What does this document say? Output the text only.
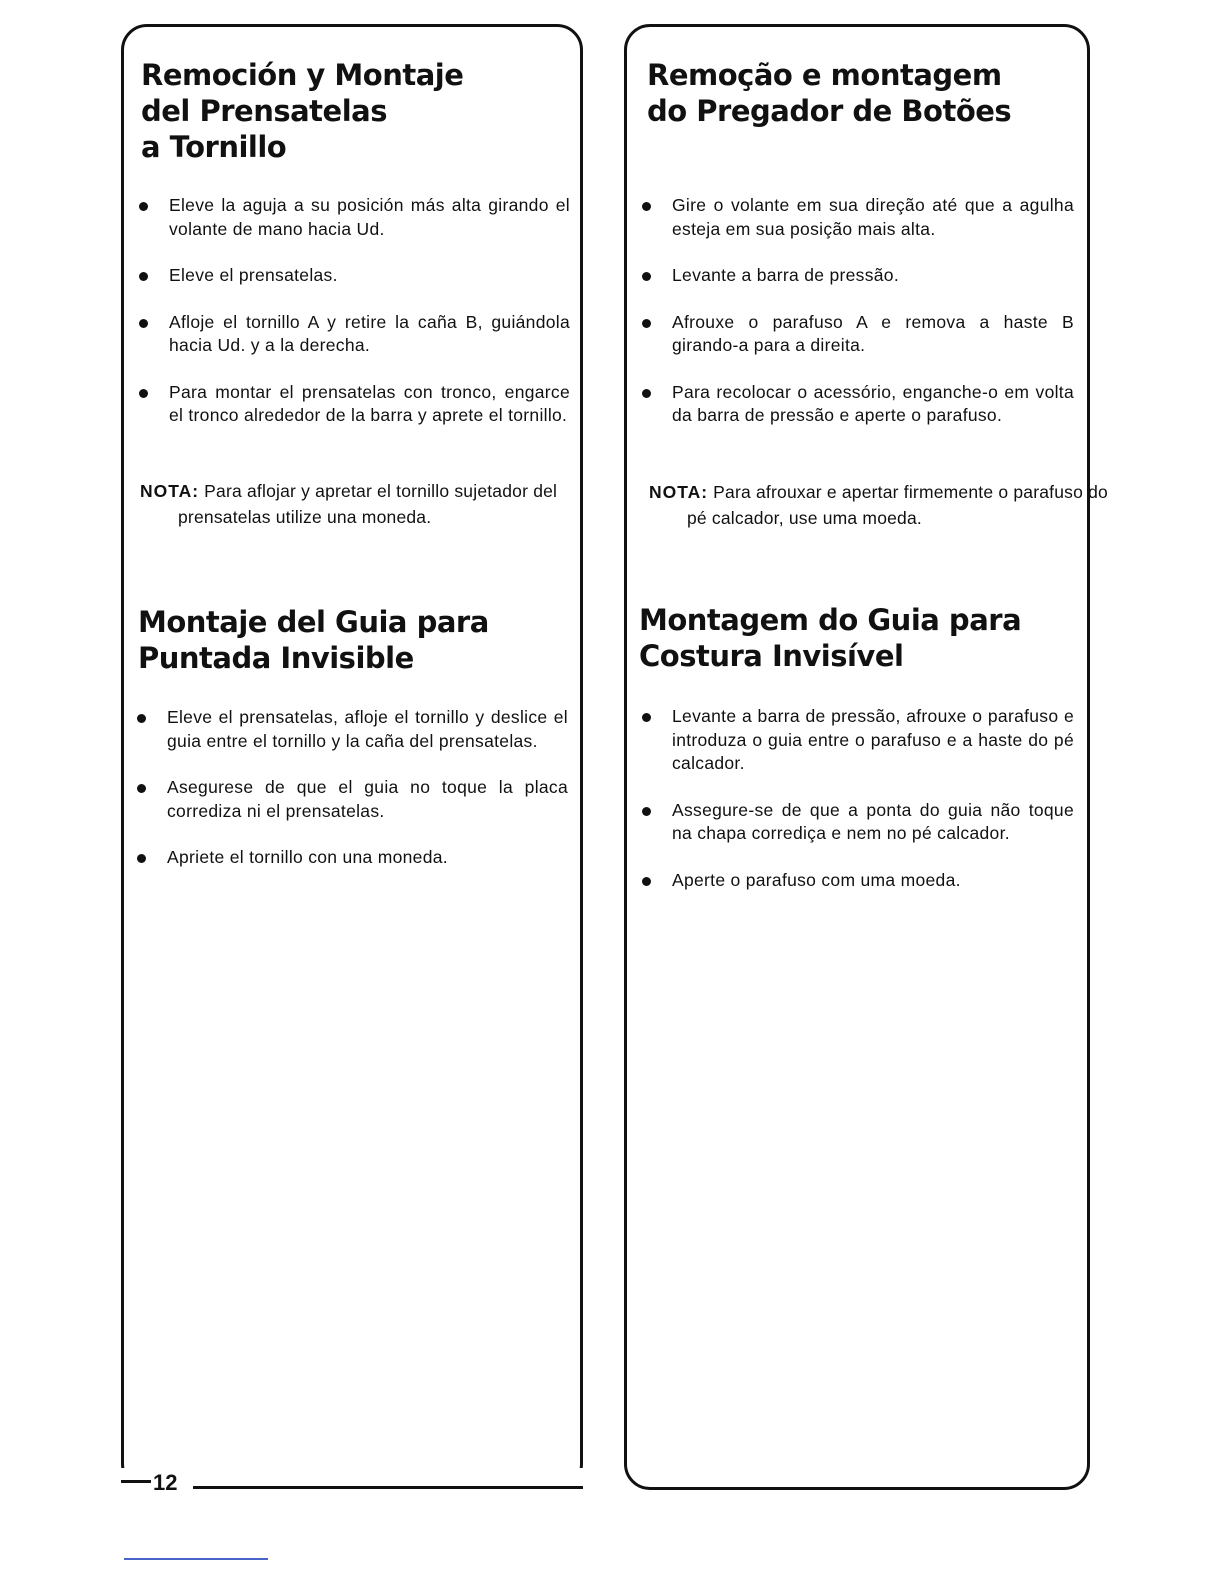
Remoción y Montaje
del Prensatelas
a Tornillo
Eleve la aguja a su posición más alta girando el volante de mano hacia Ud.
Eleve el prensatelas.
Afloje el tornillo A y retire la caña B, guiándola hacia Ud. y a la derecha.
Para montar el prensatelas con tronco, engarce el tronco alrededor de la barra y aprete el tornillo.

NOTA: Para aflojar y apretar el tornillo sujetador del prensatelas utilize una moneda.

Montaje del Guia para
Puntada Invisible
Eleve el prensatelas, afloje el tornillo y deslice el guia entre el tornillo y la caña del prensatelas.
Asegurese de que el guia no toque la placa corrediza ni el prensatelas.
Apriete el tornillo con una moneda.
Remoção e montagem
do Pregador de Botões
Gire o volante em sua direção até que a agulha esteja em sua posição mais alta.
Levante a barra de pressão.
Afrouxe o parafuso A e remova a haste B girando-a para a direita.
Para recolocar o acessório, enganche-o em volta da barra de pressão e aperte o parafuso.

NOTA: Para afrouxar e apertar firmemente o parafuso do pé calcador, use uma moeda.

Montagem do Guia para
Costura Invisível
Levante a barra de pressão, afrouxe o parafuso e introduza o guia entre o parafuso e a haste do pé calcador.
Assegure-se de que a ponta do guia não toque na chapa corrediça e nem no pé calcador.
Aperte o parafuso com uma moeda.
12
